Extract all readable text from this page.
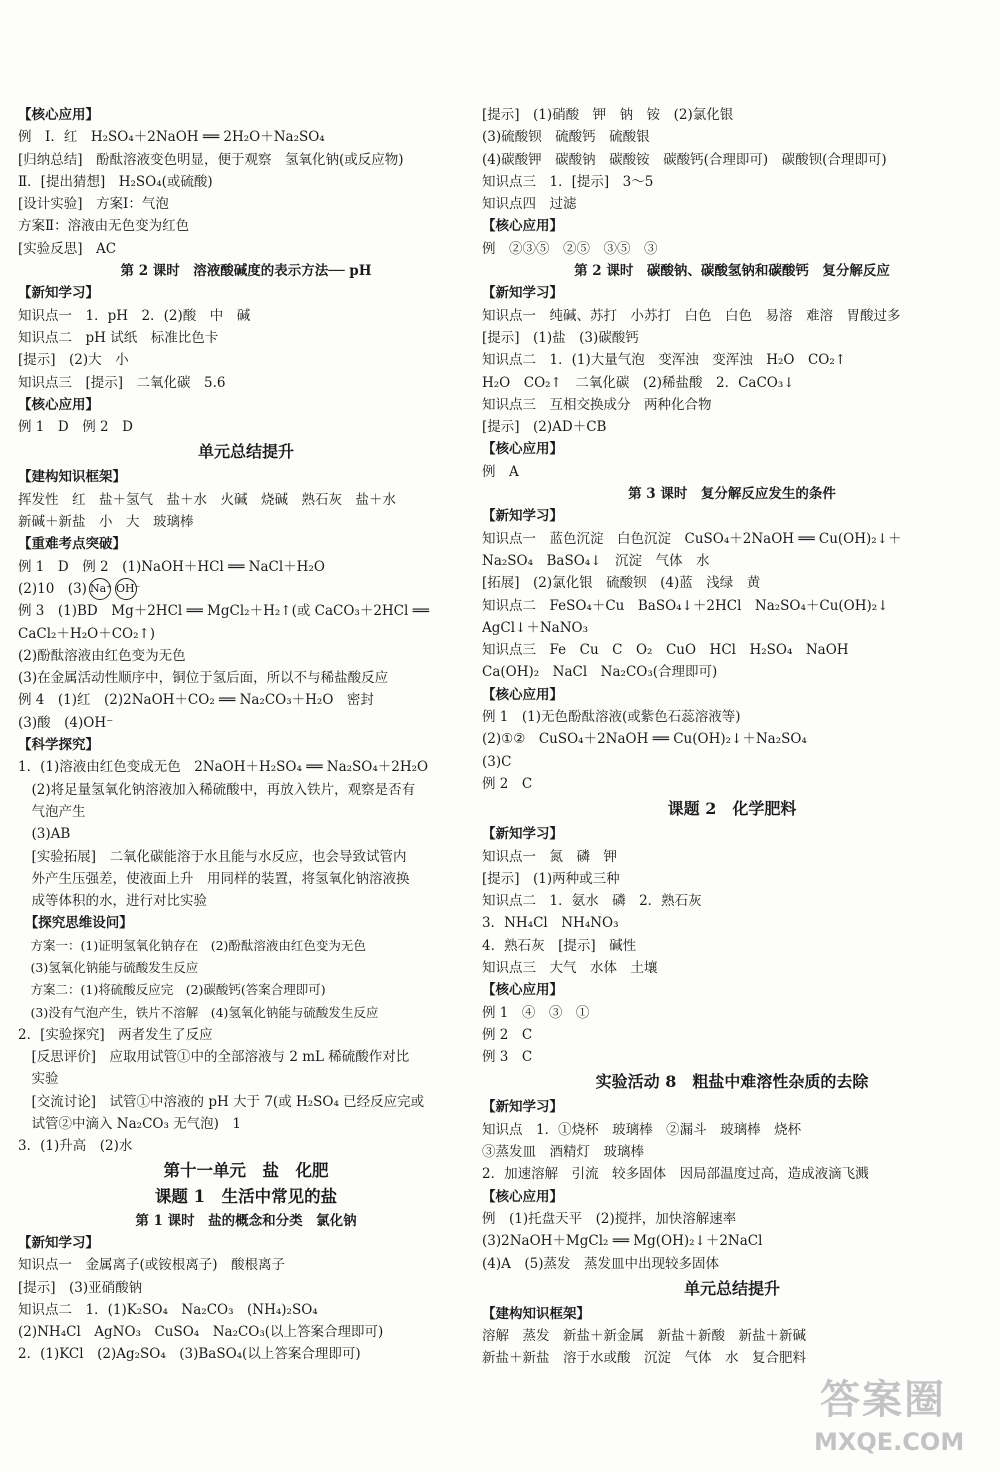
【核心应用】
例　Ⅰ．红　H₂SO₄＋2NaOH ══ 2H₂O＋Na₂SO₄
[归纳总结]　酚酞溶液变色明显，便于观察　氢氧化钠(或反应物)
Ⅱ．[提出猜想]　H₂SO₄(或硫酸)
[设计实验]　方案Ⅰ：气泡
方案Ⅱ：溶液由无色变为红色
[实验反思]　AC
第 2 课时　溶液酸碱度的表示方法── pH
【新知学习】
知识点一　1．pH　2．(2)酸　中　碱
知识点二　pH 试纸　标准比色卡
[提示]　(2)大　小
知识点三　[提示]　二氧化碳　5.6
【核心应用】
例 1　D　例 2　D
单元总结提升
【建构知识框架】
挥发性　红　盐＋氢气　盐＋水　火碱　烧碱　熟石灰　盐＋水
新碱＋新盐　小　大　玻璃棒
【重难考点突破】
例 1　D　例 2　(1)NaOH＋HCl ══ NaCl＋H₂O
(2)10　(3) Na⁺ OH⁻
例 3　(1)BD　Mg＋2HCl ══ MgCl₂＋H₂↑(或 CaCO₃＋2HCl ══
CaCl₂＋H₂O＋CO₂↑)
(2)酚酞溶液由红色变为无色
(3)在金属活动性顺序中，铜位于氢后面，所以不与稀盐酸反应
例 4　(1)红　(2)2NaOH＋CO₂ ══ Na₂CO₃＋H₂O　密封
(3)酸　(4)OH⁻
【科学探究】
1．(1)溶液由红色变成无色　2NaOH＋H₂SO₄ ══ Na₂SO₄＋2H₂O
　(2)将足量氢氧化钠溶液加入稀硫酸中，再放入铁片，观察是否有
　气泡产生
　(3)AB
　[实验拓展]　二氧化碳能溶于水且能与水反应，也会导致试管内
　外产生压强差，使液面上升　用同样的装置，将氢氧化钠溶液换
　成等体积的水，进行对比实验
　【探究思维设问】
　方案一：(1)证明氢氧化钠存在　(2)酚酞溶液由红色变为无色
　(3)氢氧化钠能与硫酸发生反应
　方案二：(1)将硫酸反应完　(2)碳酸钙(答案合理即可)
　(3)没有气泡产生，铁片不溶解　(4)氢氧化钠能与硫酸发生反应
2．[实验探究]　两者发生了反应
　[反思评价]　应取用试管①中的全部溶液与 2 mL 稀硫酸作对比
　实验
　[交流讨论]　试管①中溶液的 pH 大于 7(或 H₂SO₄ 已经反应完或
　试管②中滴入 Na₂CO₃ 无气泡)　1
3．(1)升高　(2)水
第十一单元　盐　化肥
课题 1　生活中常见的盐
第 1 课时　盐的概念和分类　氯化钠
【新知学习】
知识点一　金属离子(或铵根离子)　酸根离子
[提示]　(3)亚硝酸钠
知识点二　1．(1)K₂SO₄　Na₂CO₃　(NH₄)₂SO₄
(2)NH₄Cl　AgNO₃　CuSO₄　Na₂CO₃(以上答案合理即可)
2．(1)KCl　(2)Ag₂SO₄　(3)BaSO₄(以上答案合理即可)
[提示]　(1)硝酸　钾　钠　铵　(2)氯化银
(3)硫酸钡　硫酸钙　硫酸银
(4)碳酸钾　碳酸钠　碳酸铵　碳酸钙(合理即可)　碳酸钡(合理即可)
知识点三　1．[提示]　3～5
知识点四　过滤
【核心应用】
例　②③⑤　②⑤　③⑤　③
第 2 课时　碳酸钠、碳酸氢钠和碳酸钙　复分解反应
【新知学习】
知识点一　纯碱、苏打　小苏打　白色　白色　易溶　难溶　胃酸过多
[提示]　(1)盐　(3)碳酸钙
知识点二　1．(1)大量气泡　变浑浊　变浑浊　H₂O　CO₂↑
H₂O　CO₂↑　二氧化碳　(2)稀盐酸　2．CaCO₃↓
知识点三　互相交换成分　两种化合物
[提示]　(2)AD＋CB
【核心应用】
例　A
第 3 课时　复分解反应发生的条件
【新知学习】
知识点一　蓝色沉淀　白色沉淀　CuSO₄＋2NaOH ══ Cu(OH)₂↓＋
Na₂SO₄　BaSO₄↓　沉淀　气体　水
[拓展]　(2)氯化银　硫酸钡　(4)蓝　浅绿　黄
知识点二　FeSO₄＋Cu　BaSO₄↓＋2HCl　Na₂SO₄＋Cu(OH)₂↓
AgCl↓＋NaNO₃
知识点三　Fe　Cu　C　O₂　CuO　HCl　H₂SO₄　NaOH
Ca(OH)₂　NaCl　Na₂CO₃(合理即可)
【核心应用】
例 1　(1)无色酚酞溶液(或紫色石蕊溶液等)
(2)①②　CuSO₄＋2NaOH ══ Cu(OH)₂↓＋Na₂SO₄
(3)C
例 2　C
课题 2　化学肥料
【新知学习】
知识点一　氮　磷　钾
[提示]　(1)两种或三种
知识点二　1．氨水　磷　2．熟石灰
3．NH₄Cl　NH₄NO₃
4．熟石灰　[提示]　碱性
知识点三　大气　水体　土壤
【核心应用】
例 1　④　③　①
例 2　C
例 3　C
实验活动 8　粗盐中难溶性杂质的去除
【新知学习】
知识点　1．①烧杯　玻璃棒　②漏斗　玻璃棒　烧杯
③蒸发皿　酒精灯　玻璃棒
2．加速溶解　引流　较多固体　因局部温度过高，造成液滴飞溅
【核心应用】
例　(1)托盘天平　(2)搅拌，加快溶解速率
(3)2NaOH＋MgCl₂ ══ Mg(OH)₂↓＋2NaCl
(4)A　(5)蒸发　蒸发皿中出现较多固体
单元总结提升
【建构知识框架】
溶解　蒸发　新盐＋新金属　新盐＋新酸　新盐＋新碱
新盐＋新盐　溶于水或酸　沉淀　气体　水　复合肥料
答案圈
MXQE.COM
